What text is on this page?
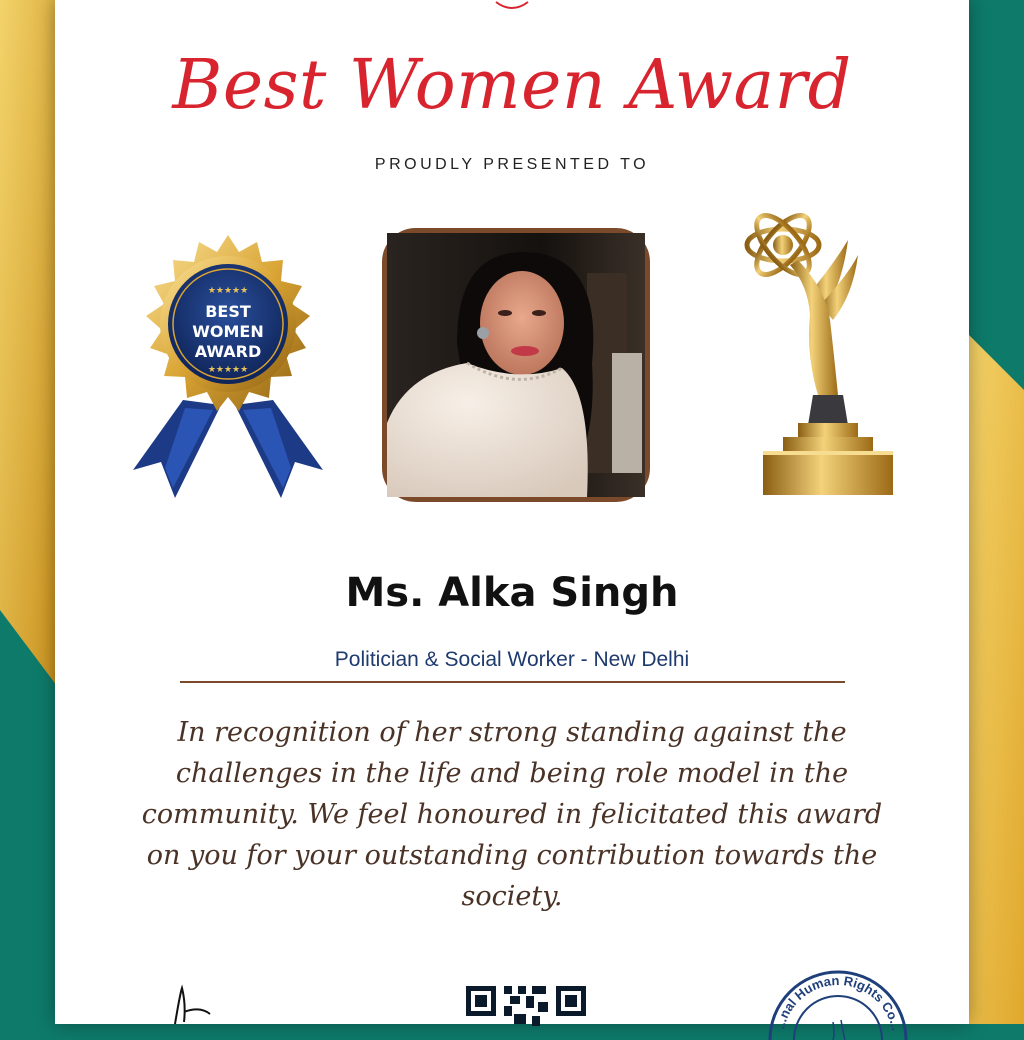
Best Women Award
PROUDLY PRESENTED TO
★★★★★
BEST
WOMEN
AWARD
★★★★★
Ms. Alka Singh
Politician & Social Worker - New Delhi
In recognition of her strong standing against the challenges in the life and being role model in the community. We feel honoured in felicitated this award on you for your outstanding contribution towards the society.
...nal Human Rights Co...
